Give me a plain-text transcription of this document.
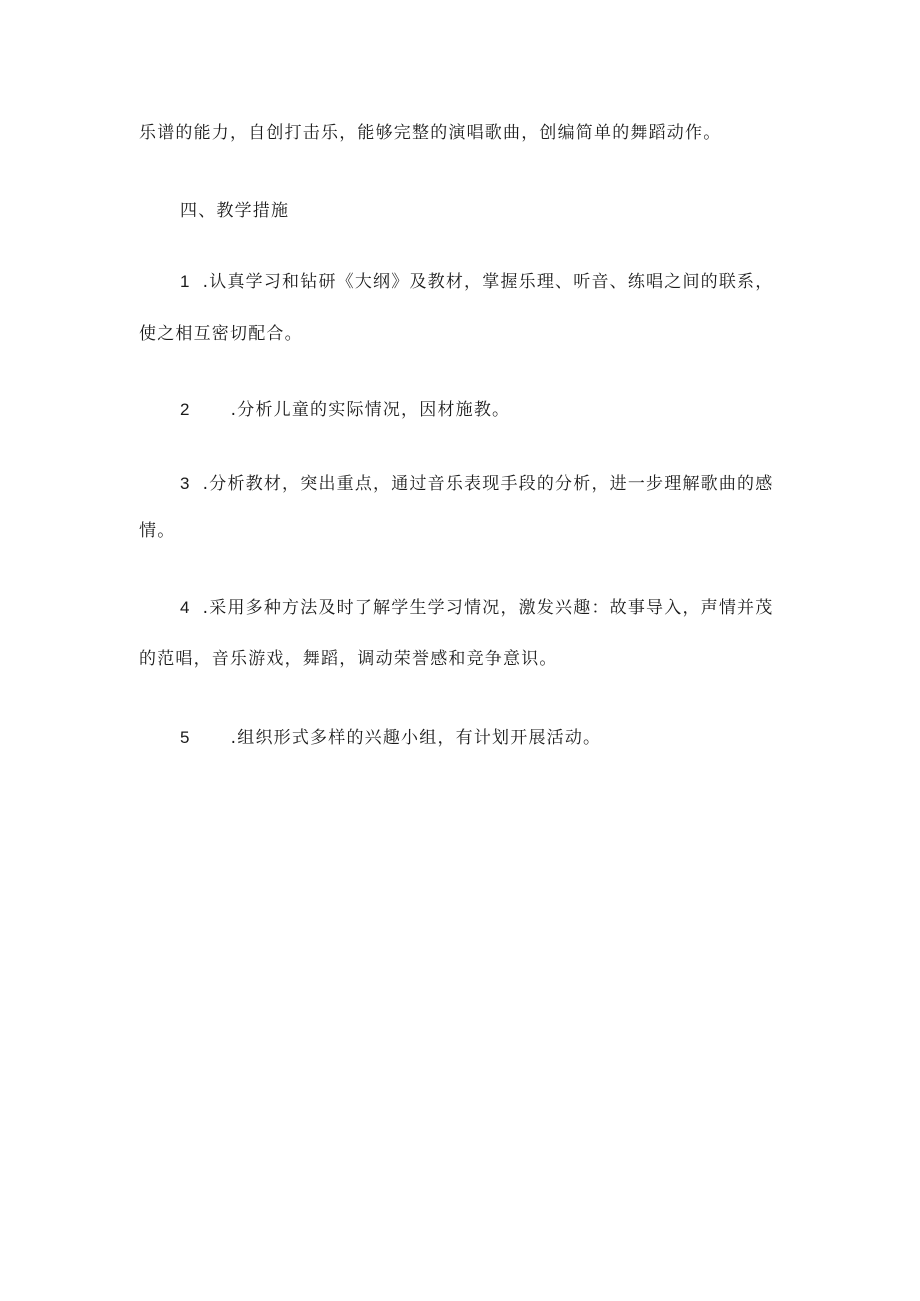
乐谱的能力，自创打击乐，能够完整的演唱歌曲，创编简单的舞蹈动作。
四、教学措施
1 .认真学习和钻研《大纲》及教材，掌握乐理、听音、练唱之间的联系，
使之相互密切配合。
2 .分析儿童的实际情况，因材施教。
3 .分析教材，突出重点，通过音乐表现手段的分析，进一步理解歌曲的感
情。
4 .采用多种方法及时了解学生学习情况，激发兴趣：故事导入，声情并茂
的范唱，音乐游戏，舞蹈，调动荣誉感和竞争意识。
5 .组织形式多样的兴趣小组，有计划开展活动。
